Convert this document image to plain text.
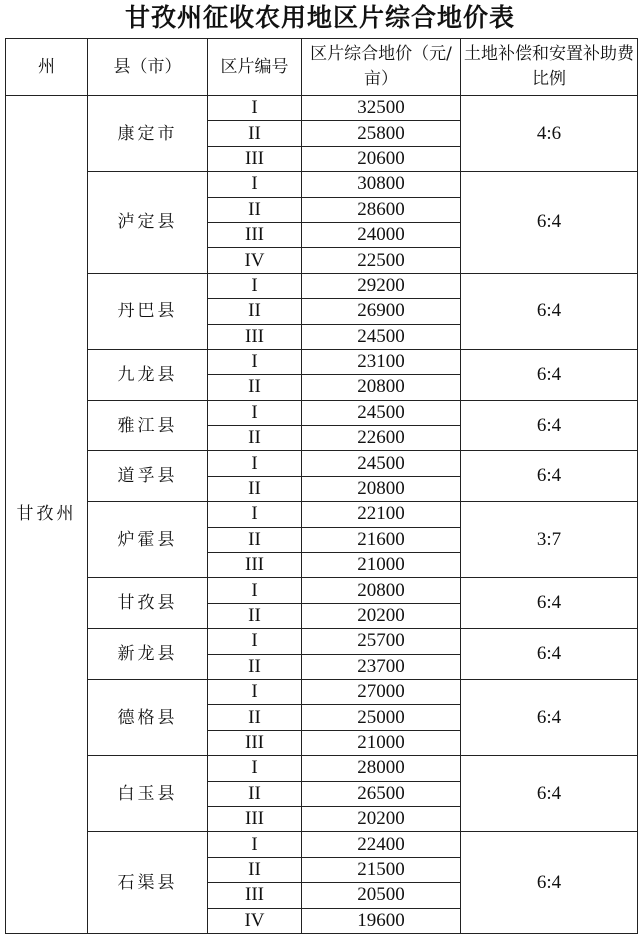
甘孜州征收农用地区片综合地价表
州	县（市）	区片编号	区片综合地价（元/亩）	土地补偿和安置补助费比例
甘孜州	康定市	I	32500	4:6
		II	25800	
		III	20600	
	泸定县	I	30800	6:4
		II	28600	
		III	24000	
		IV	22500	
	丹巴县	I	29200	6:4
		II	26900	
		III	24500	
	九龙县	I	23100	6:4
		II	20800	
	雅江县	I	24500	6:4
		II	22600	
	道孚县	I	24500	6:4
		II	20800	
	炉霍县	I	22100	3:7
		II	21600	
		III	21000	
	甘孜县	I	20800	6:4
		II	20200	
	新龙县	I	25700	6:4
		II	23700	
	德格县	I	27000	6:4
		II	25000	
		III	21000	
	白玉县	I	28000	6:4
		II	26500	
		III	20200	
	石渠县	I	22400	6:4
		II	21500	
		III	20500	
		IV	19600	
